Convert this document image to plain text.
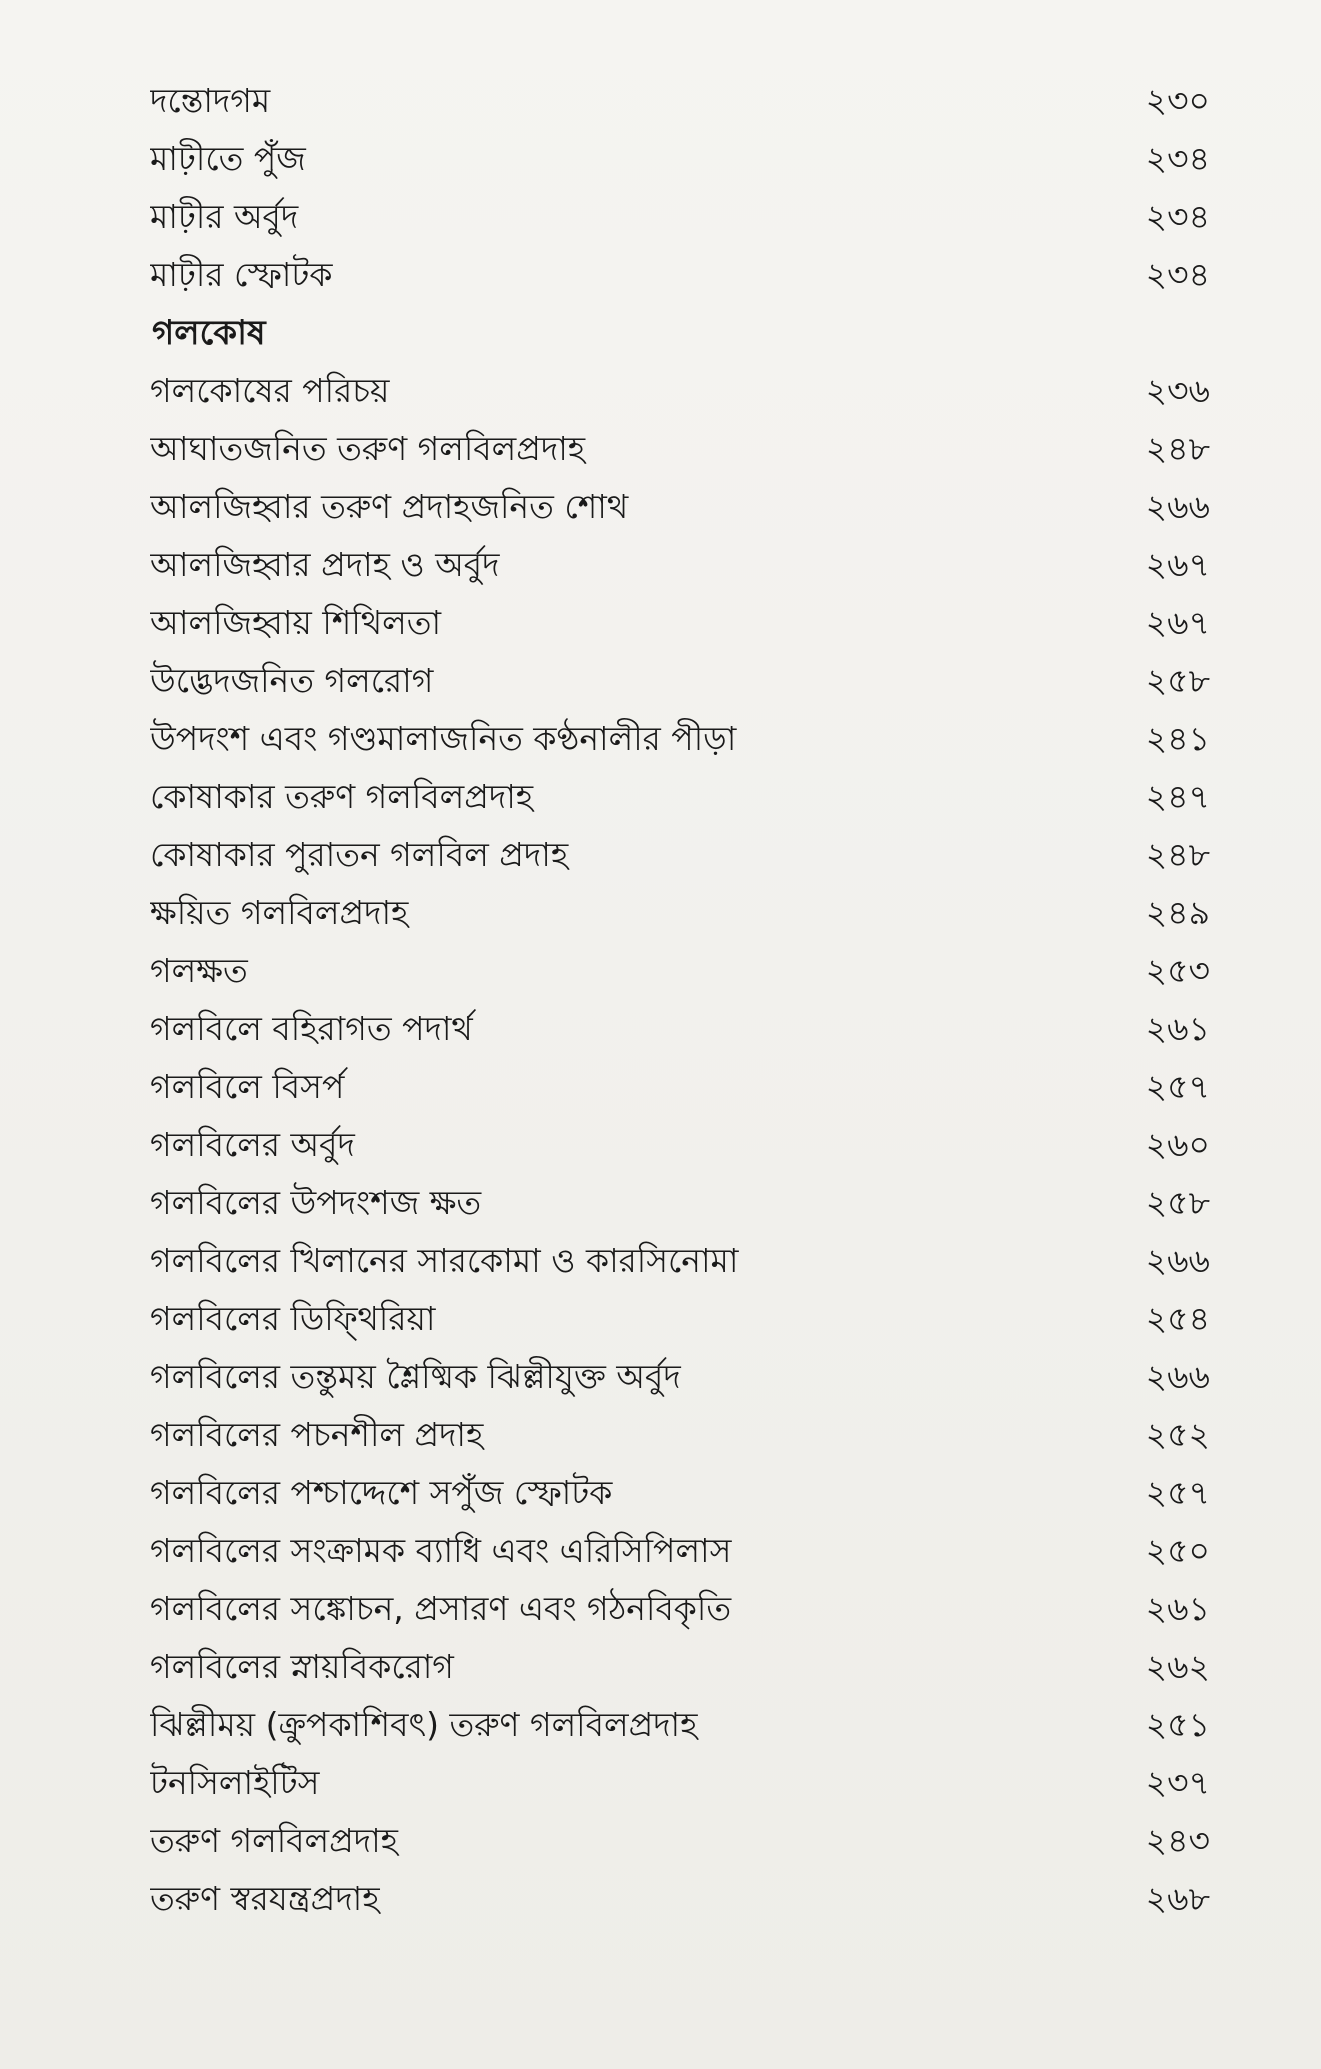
দন্তোদগম	২৩০
মাঢ়ীতে পুঁজ	২৩৪
মাঢ়ীর অর্বুদ	২৩৪
মাঢ়ীর স্ফোটক	২৩৪
গলকোষ
গলকোষের পরিচয়	২৩৬
আঘাতজনিত তরুণ গলবিলপ্রদাহ	২৪৮
আলজিহ্বার তরুণ প্রদাহজনিত শোথ	২৬৬
আলজিহ্বার প্রদাহ ও অর্বুদ	২৬৭
আলজিহ্বায় শিথিলতা	২৬৭
উদ্ভেদজনিত গলরোগ	২৫৮
উপদংশ এবং গণ্ডমালাজনিত কণ্ঠনালীর পীড়া	২৪১
কোষাকার তরুণ গলবিলপ্রদাহ	২৪৭
কোষাকার পুরাতন গলবিল প্রদাহ	২৪৮
ক্ষয়িত গলবিলপ্রদাহ	২৪৯
গলক্ষত	২৫৩
গলবিলে বহিরাগত পদার্থ	২৬১
গলবিলে বিসর্প	২৫৭
গলবিলের অর্বুদ	২৬০
গলবিলের উপদংশজ ক্ষত	২৫৮
গলবিলের খিলানের সারকোমা ও কারসিনোমা	২৬৬
গলবিলের ডিফ্থিরিয়া	২৫৪
গলবিলের তন্তুময় শ্লৈষ্মিক ঝিল্লীযুক্ত অর্বুদ	২৬৬
গলবিলের পচনশীল প্রদাহ	২৫২
গলবিলের পশ্চাদ্দেশে সপুঁজ স্ফোটক	২৫৭
গলবিলের সংক্রামক ব্যাধি এবং এরিসিপিলাস	২৫০
গলবিলের সঙ্কোচন, প্রসারণ এবং গঠনবিকৃতি	২৬১
গলবিলের স্নায়বিকরোগ	২৬২
ঝিল্লীময় (ক্রুপকাশিবৎ) তরুণ গলবিলপ্রদাহ	২৫১
টনসিলাইটিস	২৩৭
তরুণ গলবিলপ্রদাহ	২৪৩
তরুণ স্বরযন্ত্রপ্রদাহ	২৬৮
